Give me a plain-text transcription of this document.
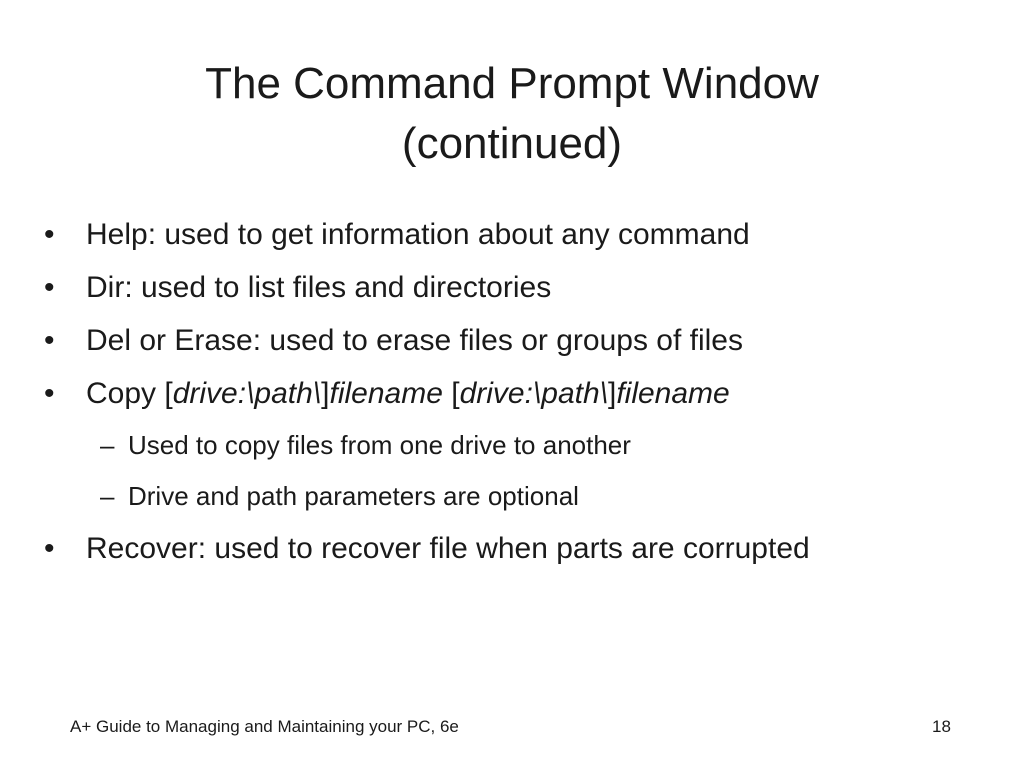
The Command Prompt Window
(continued)
•	Help: used to get information about any command
•	Dir: used to list files and directories
•	Del or Erase: used to erase files or groups of files
•	Copy [drive:\path\]filename [drive:\path\]filename
– Used to copy files from one drive to another
– Drive and path parameters are optional
•	Recover: used to recover file when parts are corrupted
A+ Guide to Managing and Maintaining your PC, 6e	18
